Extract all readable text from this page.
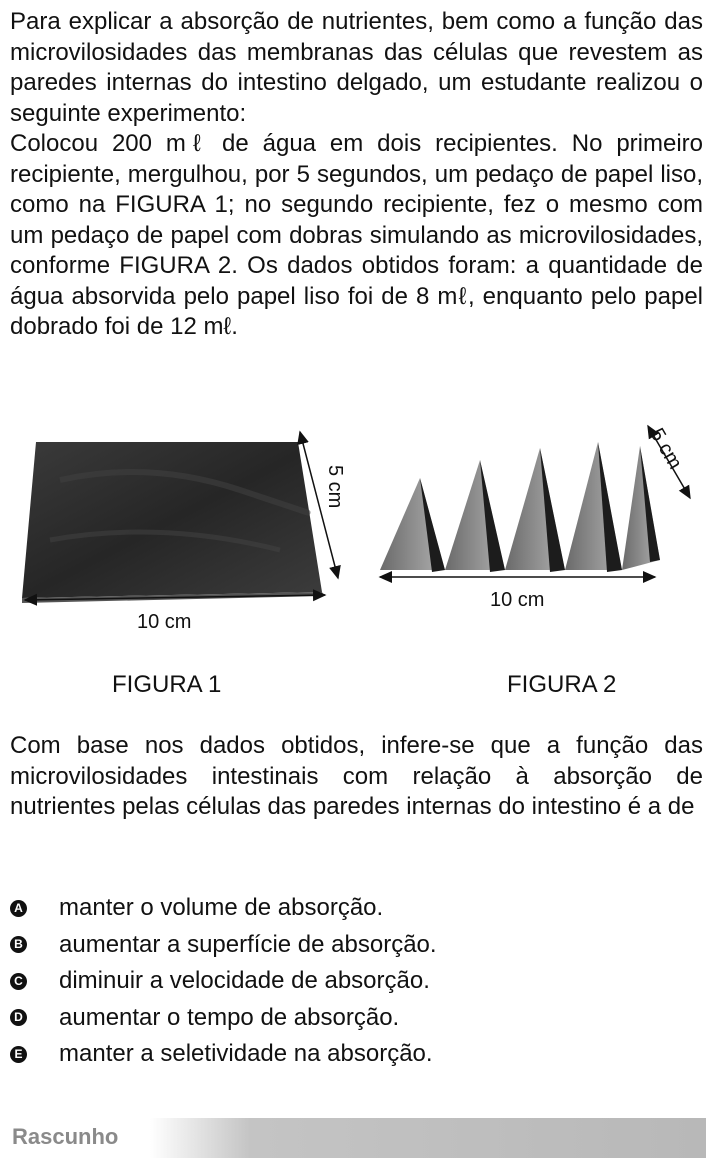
Para explicar a absorção de nutrientes, bem como a função das microvilosidades das membranas das células que revestem as paredes internas do intestino delgado, um estudante realizou o seguinte experimento:
Colocou 200 mℓ de água em dois recipientes. No primeiro recipiente, mergulhou, por 5 segundos, um pedaço de papel liso, como na FIGURA 1; no segundo recipiente, fez o mesmo com um pedaço de papel com dobras simulando as microvilosidades, conforme FIGURA 2. Os dados obtidos foram: a quantidade de água absorvida pelo papel liso foi de 8 mℓ, enquanto pelo papel dobrado foi de 12 mℓ.
10 cm
5 cm
10 cm
5 cm
FIGURA 1	FIGURA 2
Com base nos dados obtidos, infere-se que a função das microvilosidades intestinais com relação à absorção de nutrientes pelas células das paredes internas do intestino é a de
A manter o volume de absorção.
B aumentar a superfície de absorção.
C diminuir a velocidade de absorção.
D aumentar o tempo de absorção.
E manter a seletividade na absorção.
Rascunho
